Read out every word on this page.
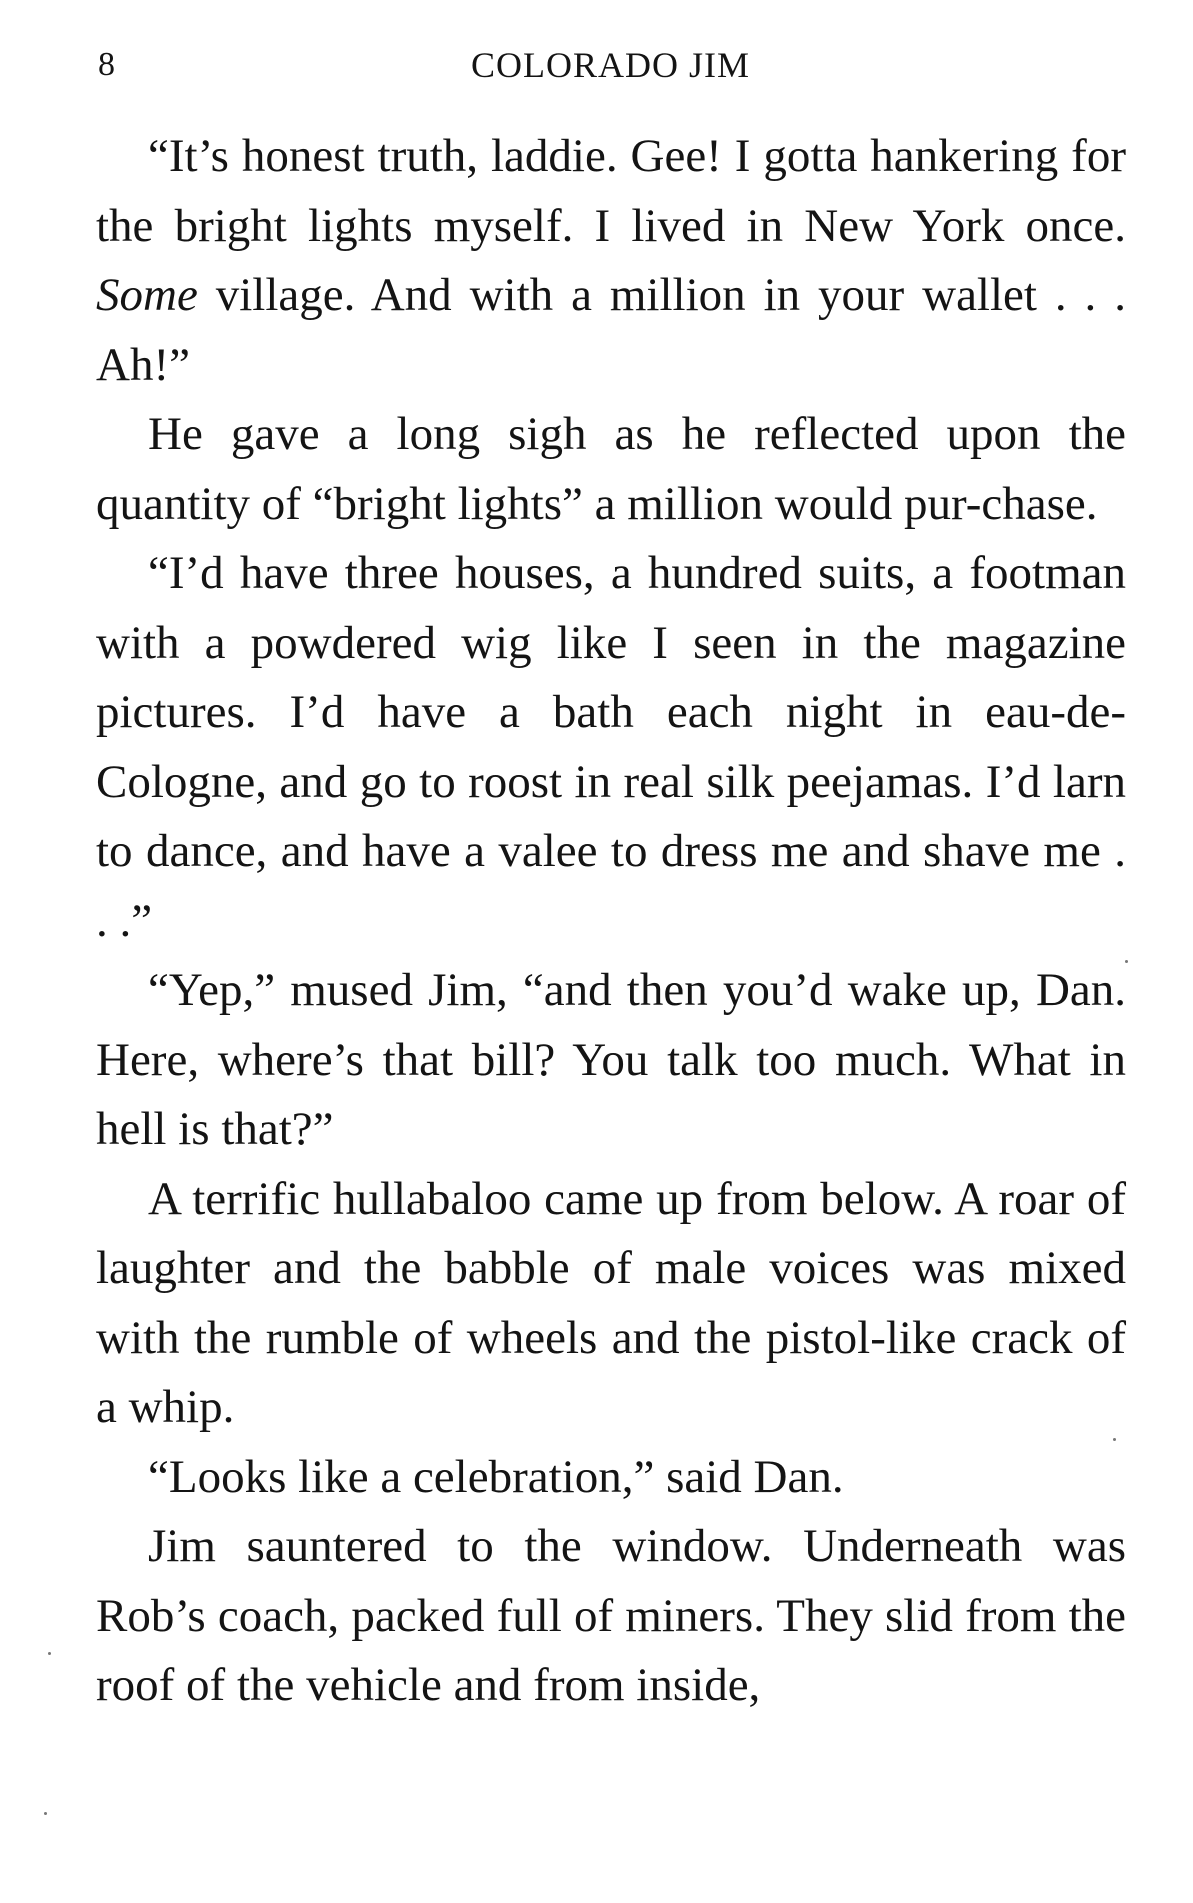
8	COLORADO JIM

“It’s honest truth, laddie. Gee! I gotta hankering for the bright lights myself. I lived in New York once. Some village. And with a million in your wallet . . . Ah!”

He gave a long sigh as he reflected upon the quantity of “bright lights” a million would pur-chase.

“I’d have three houses, a hundred suits, a footman with a powdered wig like I seen in the magazine pictures. I’d have a bath each night in eau-de-Cologne, and go to roost in real silk peejamas. I’d larn to dance, and have a valee to dress me and shave me . . .”

“Yep,” mused Jim, “and then you’d wake up, Dan. Here, where’s that bill? You talk too much. What in hell is that?”

A terrific hullabaloo came up from below. A roar of laughter and the babble of male voices was mixed with the rumble of wheels and the pistol-like crack of a whip.

“Looks like a celebration,” said Dan.

Jim sauntered to the window. Underneath was Rob’s coach, packed full of miners. They slid from the roof of the vehicle and from inside,
